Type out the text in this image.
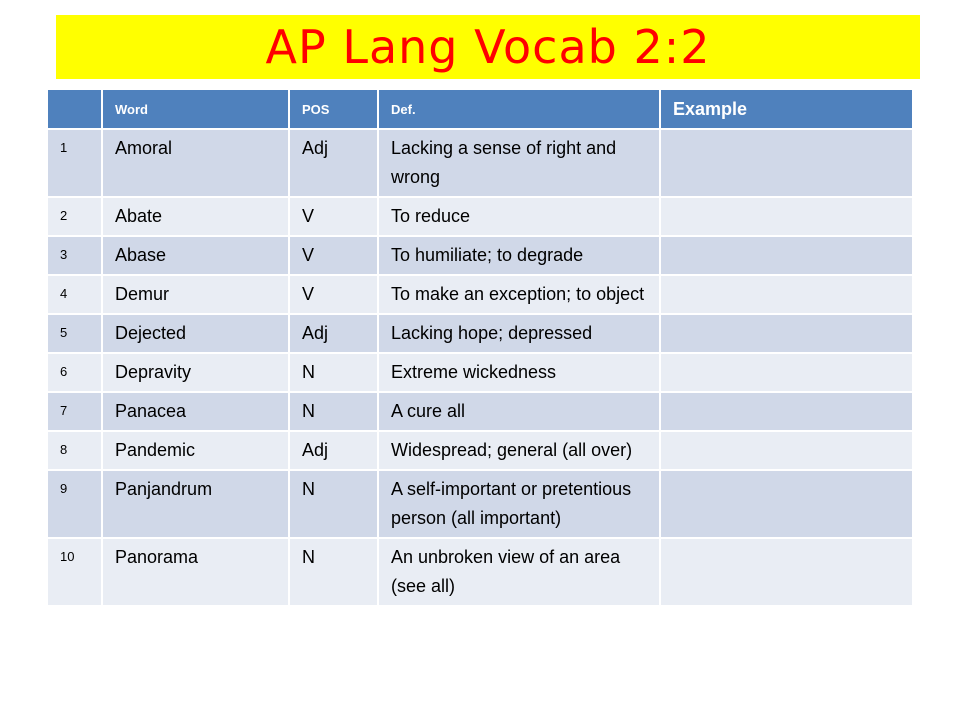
AP Lang Vocab 2:2
	Word	POS	Def.	Example
1	Amoral	Adj	Lacking a sense of right and wrong	
2	Abate	V	To reduce	
3	Abase	V	To humiliate; to degrade	
4	Demur	V	To make an exception; to object	
5	Dejected	Adj	Lacking hope; depressed	
6	Depravity	N	Extreme wickedness	
7	Panacea	N	A cure all	
8	Pandemic	Adj	Widespread; general (all over)	
9	Panjandrum	N	A self-important or pretentious person (all important)	
10	Panorama	N	An unbroken view of an area (see all)	
